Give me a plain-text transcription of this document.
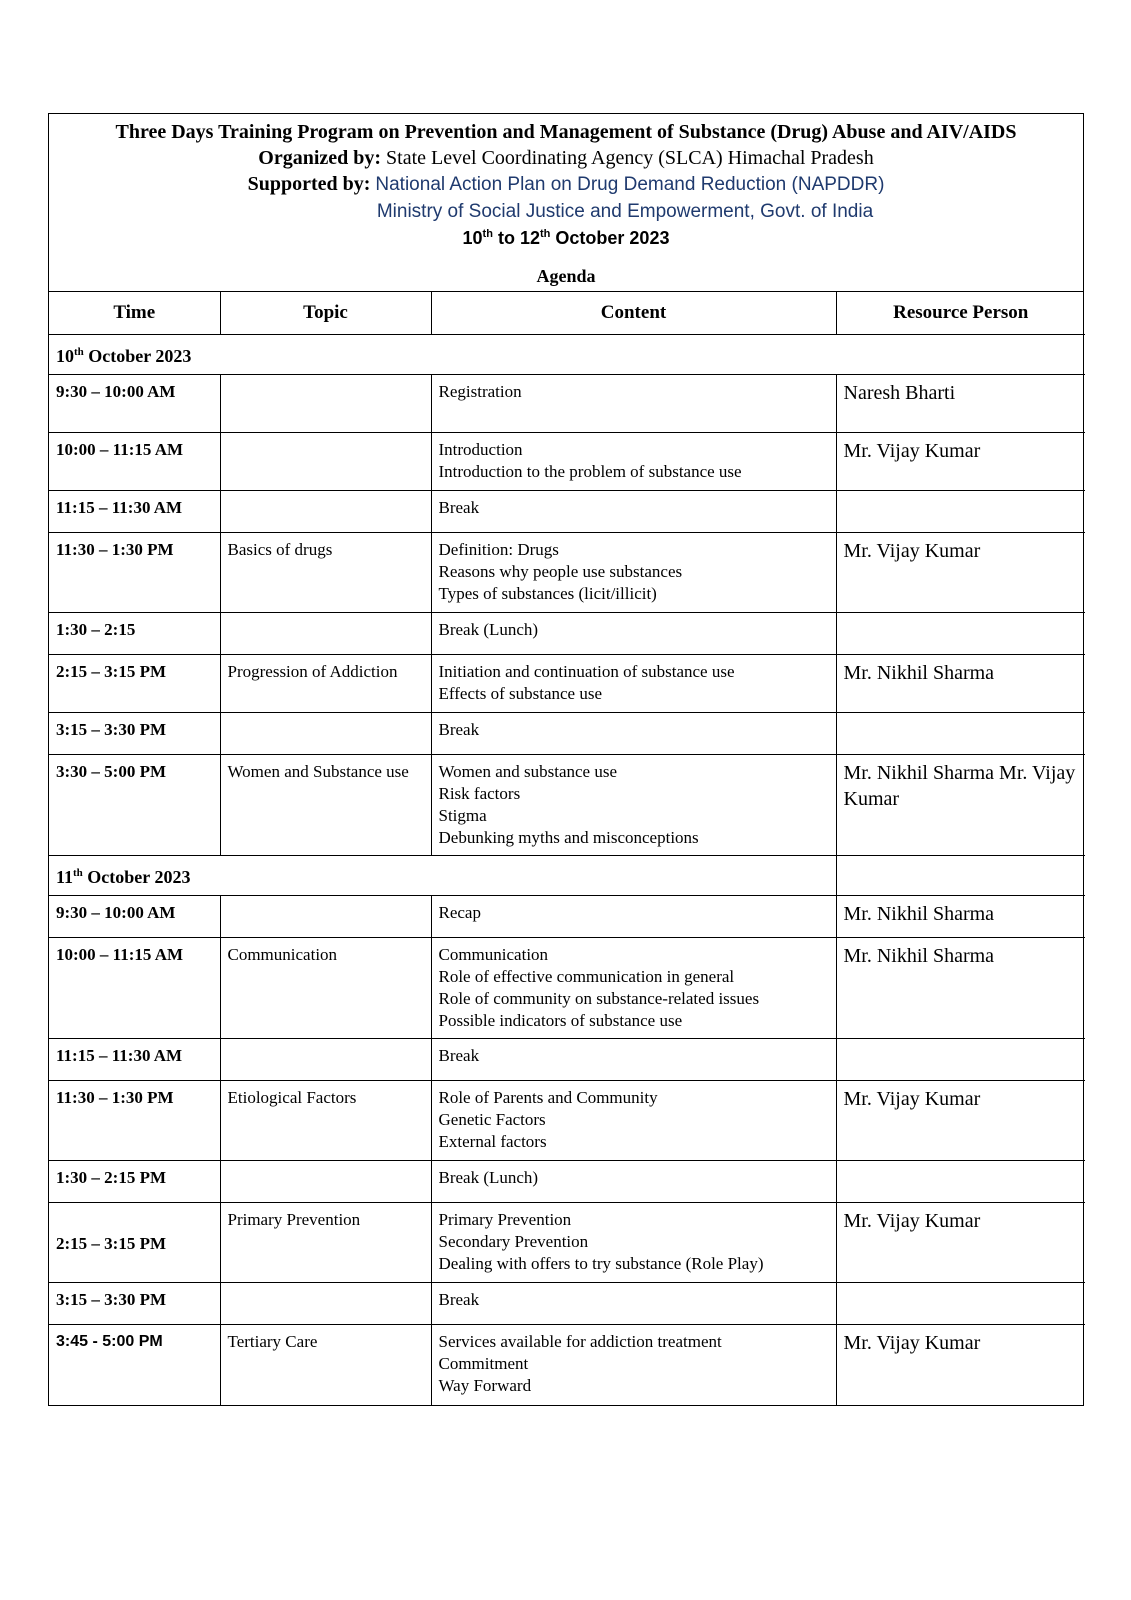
Three Days Training Program on Prevention and Management of Substance (Drug) Abuse and AIV/AIDS
Organized by: State Level Coordinating Agency (SLCA) Himachal Pradesh
Supported by: National Action Plan on Drug Demand Reduction (NAPDDR)
Ministry of Social Justice and Empowerment, Govt. of India
10th to 12th October 2023
Agenda
Time	Topic	Content	Resource Person
10th October 2023			
9:30 – 10:00 AM		Registration	Naresh Bharti
10:00 – 11:15 AM		Introduction
Introduction to the problem of substance use	Mr. Vijay Kumar
11:15 – 11:30 AM		Break	

11:30 – 1:30 PM	Basics of drugs	Definition: Drugs
Reasons why people use substances
Types of substances (licit/illicit)	Mr. Vijay Kumar
1:30 – 2:15		Break (Lunch)	

2:15 – 3:15 PM	Progression of Addiction	Initiation and continuation of substance use
Effects of substance use	Mr. Nikhil Sharma
3:15 – 3:30 PM		Break	

3:30 – 5:00 PM	Women and Substance use	Women and substance use
Risk factors
Stigma
Debunking myths and misconceptions	Mr. Nikhil Sharma Mr. Vijay Kumar
11th October 2023			
9:30 – 10:00 AM		Recap	Mr. Nikhil Sharma
10:00 – 11:15 AM	Communication	Communication
Role of effective communication in general
Role of community on substance-related issues
Possible indicators of substance use	Mr. Nikhil Sharma
11:15 – 11:30 AM		Break	

11:30 – 1:30 PM	Etiological Factors	Role of Parents and Community
Genetic Factors
External factors	Mr. Vijay Kumar
1:30 – 2:15 PM		Break (Lunch)	

2:15 – 3:15 PM	Primary Prevention	Primary Prevention
Secondary Prevention
Dealing with offers to try substance (Role Play)	Mr. Vijay Kumar
3:15 – 3:30 PM		Break	

3:45 - 5:00 PM	Tertiary Care	Services available for addiction treatment
Commitment
Way Forward	Mr. Vijay Kumar
